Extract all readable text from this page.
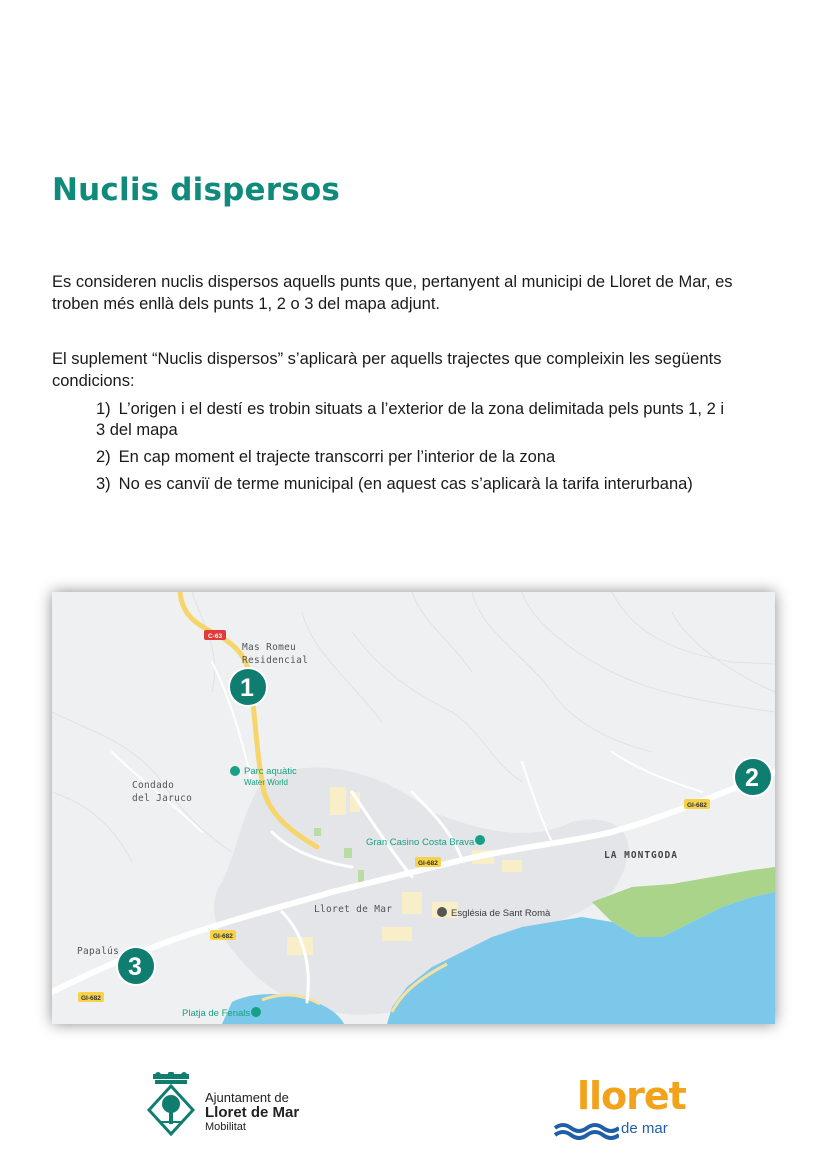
Nuclis dispersos

Es consideren nuclis dispersos aquells punts que, pertanyent al municipi de Lloret de Mar, es troben més enllà dels punts 1, 2 o 3 del mapa adjunt.

El suplement “Nuclis dispersos” s’aplicarà per aquells trajectes que compleixin les següents condicions:

1) L’origen i el destí es trobin situats a l’exterior de la zona delimitada pels punts 1, 2 i 3 del mapa
2) En cap moment el trajecte transcorri per l’interior de la zona
3) No es canviï de terme municipal (en aquest cas s’aplicarà la tarifa interurbana)
C-63
GI-682
GI-682
GI-682
GI-682
Mas Romeu
Residencial
Condado
del Jaruco
LA MONTGODA
Lloret de Mar
Papalús
Parc aquàtic
Water World
Gran Casino Costa Brava
Església de Sant Romà
Platja de Fenals
1
2
3
Ajuntament de
Lloret de Mar
Mobilitat
lloret
de mar
